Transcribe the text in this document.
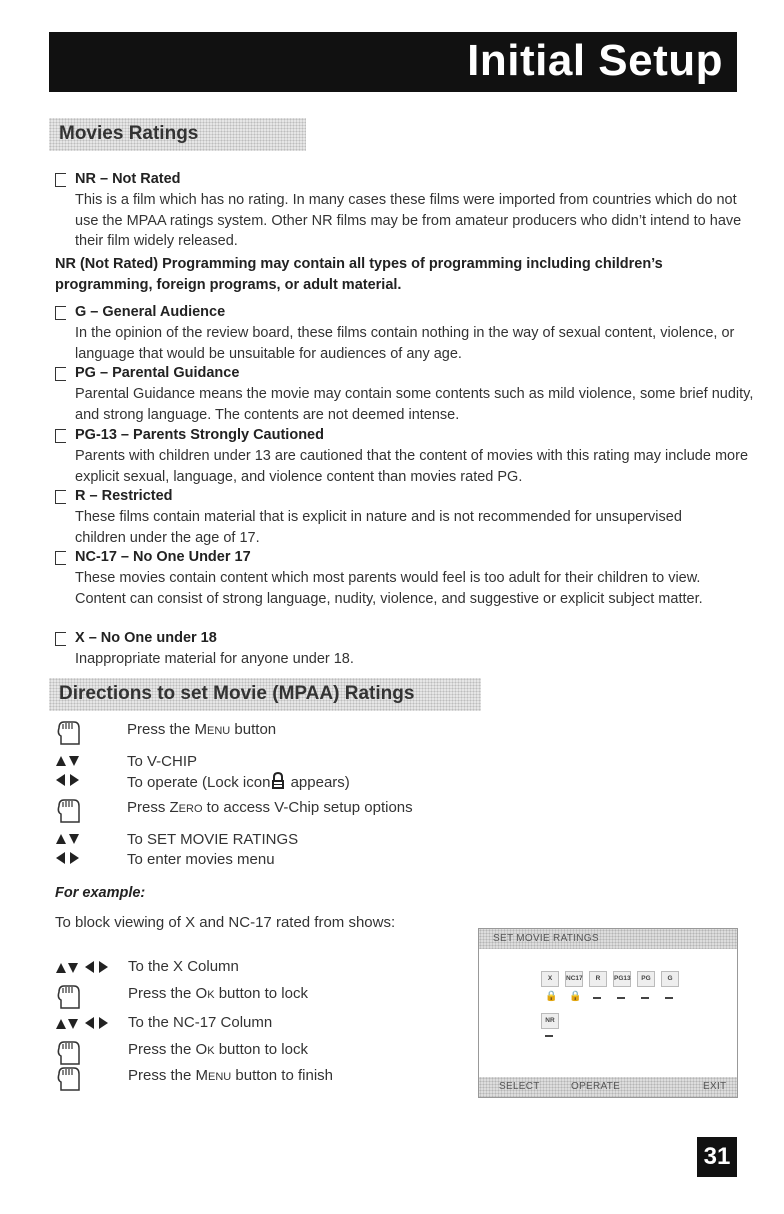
Initial Setup
Movies Ratings
NR – Not Rated
This is a film which has no rating. In many cases these films were imported from countries which do not use the MPAA ratings system. Other NR films may be from amateur producers who didn’t intend to have their film widely released.
NR (Not Rated) Programming may contain all types of programming including children’s programming, foreign programs, or adult material.
G – General Audience
In the opinion of the review board, these films contain nothing in the way of sexual content, violence, or language that would be unsuitable for audiences of any age.
PG – Parental Guidance
Parental Guidance means the movie may contain some contents such as mild violence, some brief nudity, and strong language. The contents are not deemed intense.
PG-13 – Parents Strongly Cautioned
Parents with children under 13 are cautioned that the content of movies with this rating may include more explicit sexual, language, and violence content than movies rated PG.
R – Restricted
These films contain material that is explicit in nature and is not recommended for unsupervised children under the age of 17.
NC-17 – No One Under 17
These movies contain content which most parents would feel is too adult for their children to view. Content can consist of strong language, nudity, violence, and suggestive or explicit subject matter.
X – No One under 18
Inappropriate material for anyone under 18.
Directions to set Movie (MPAA) Ratings
Press the Menu button
To V-CHIP
To operate (Lock icon appears)
Press Zero to access V-Chip setup options
To SET MOVIE RATINGS
To enter movies menu
For example:
To block viewing of X and NC-17 rated from shows:
To the X Column
Press the Ok button to lock
To the NC-17 Column
Press the Ok button to lock
Press the Menu button to finish
SET MOVIE RATINGS
X	NC17	R	PG13	PG	G
🔒 🔒
NR
SELECT	OPERATE	EXIT
31
